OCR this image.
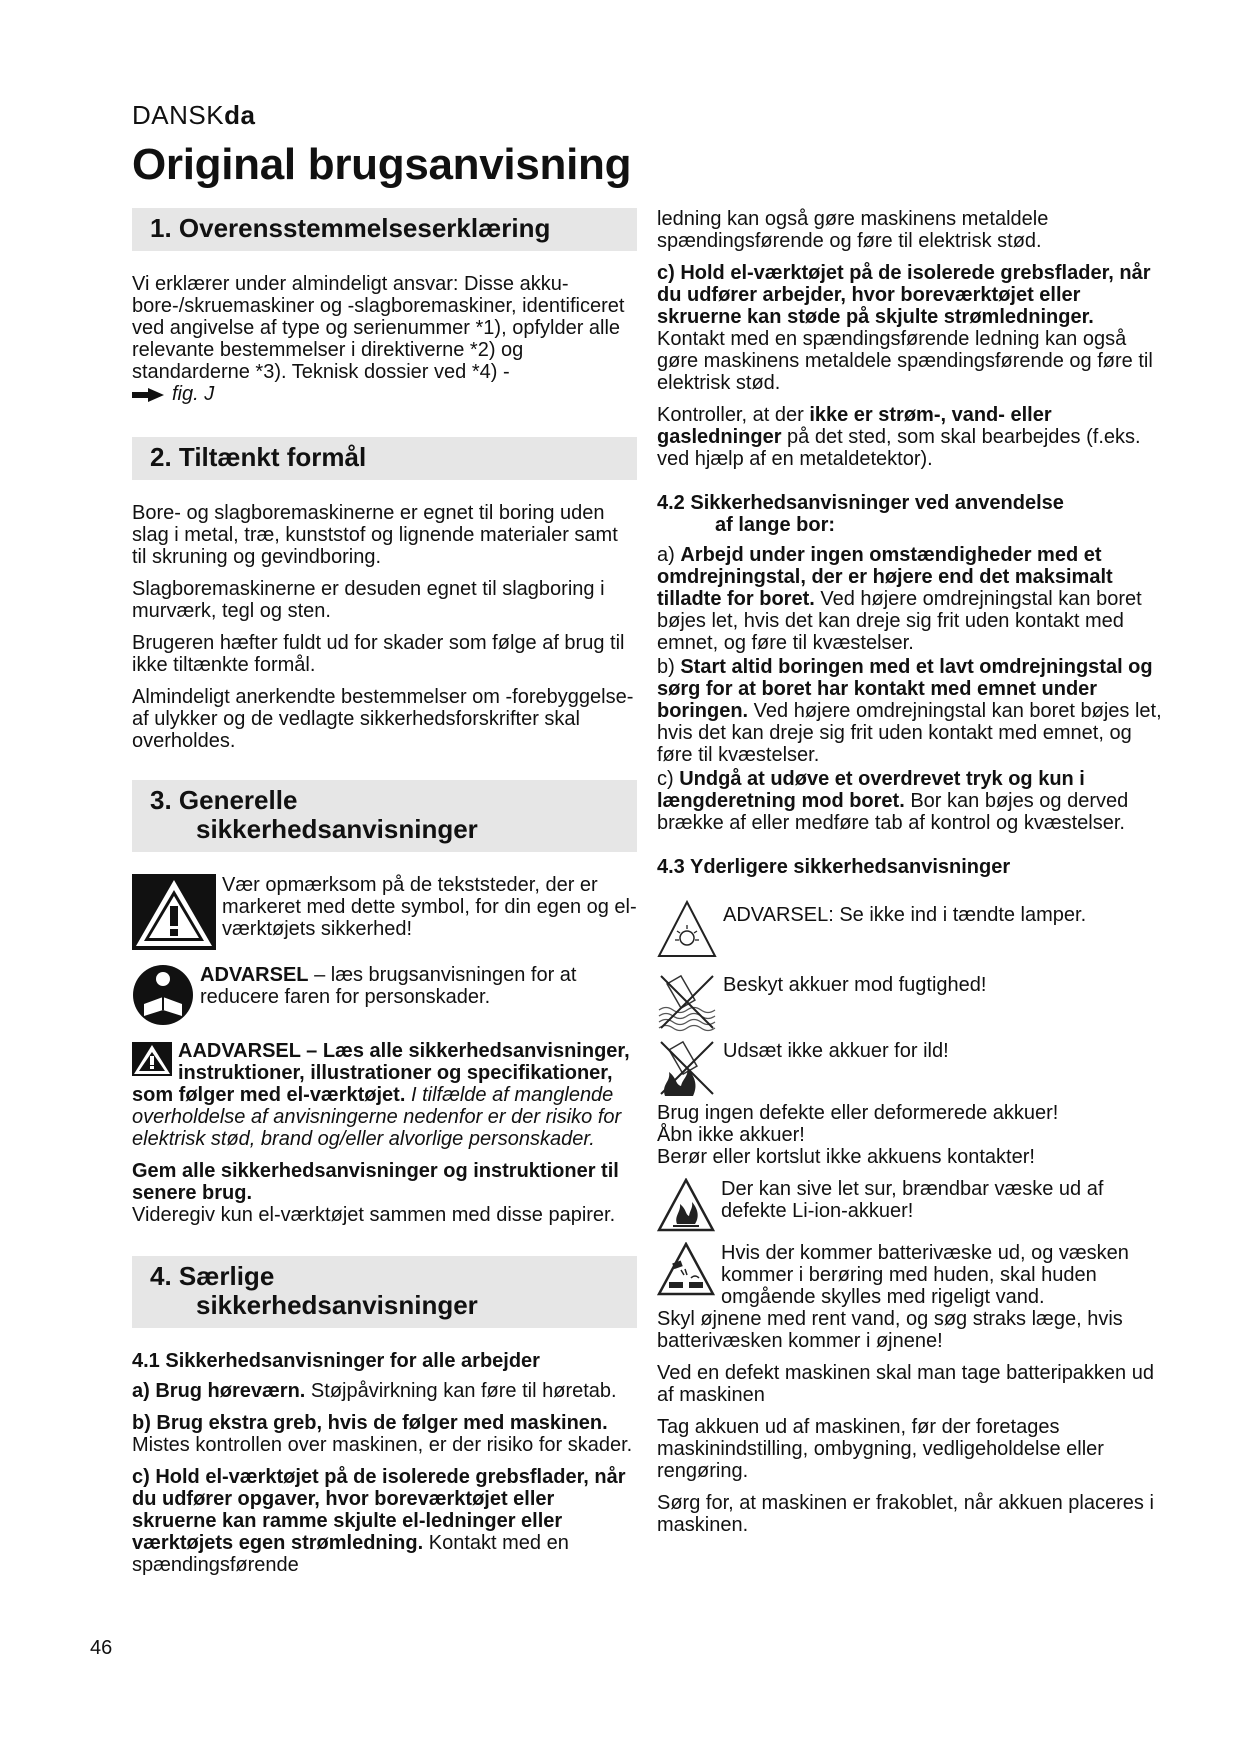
DANSKda
Original brugsanvisning
1. Overensstemmelseserklæring

Vi erklærer under almindeligt ansvar: Disse akku-bore-/skruemaskiner og -slagboremaskiner, identificeret ved angivelse af type og serienummer *1), opfylder alle relevante bestemmelser i direktiverne *2) og standarderne *3). Teknisk dossier ved *4) -
fig. J

2. Tiltænkt formål

Bore- og slagboremaskinerne er egnet til boring uden slag i metal, træ, kunststof og lignende materialer samt til skruning og gevindboring.

Slagboremaskinerne er desuden egnet til slagboring i murværk, tegl og sten.

Brugeren hæfter fuldt ud for skader som følge af brug til ikke tiltænkte formål.

Almindeligt anerkendte bestemmelser om -forebyggelse- af ulykker og de vedlagte sikkerhedsforskrifter skal overholdes.

3. Generelle
sikkerhedsanvisninger
Vær opmærksom på de tekststeder, der er markeret med dette symbol, for din egen og el-værktøjets sikkerhed!
ADVARSEL – læs brugsanvisningen for at reducere faren for personskader.

AADVARSEL – Læs alle sikkerhedsanvisninger, instruktioner, illustrationer og specifikationer, som følger med el-værktøjet. I tilfælde af manglende overholdelse af anvisningerne nedenfor er der risiko for elektrisk stød, brand og/eller alvorlige personskader.

Gem alle sikkerhedsanvisninger og instruktioner til senere brug.
Videregiv kun el-værktøjet sammen med disse papirer.

4. Særlige
sikkerhedsanvisninger

4.1 Sikkerhedsanvisninger for alle arbejder

a) Brug høreværn. Støjpåvirkning kan føre til høretab.

b) Brug ekstra greb, hvis de følger med maskinen. Mistes kontrollen over maskinen, er der risiko for skader.

c) Hold el-værktøjet på de isolerede grebsflader, når du udfører opgaver, hvor boreværktøjet eller skruerne kan ramme skjulte el-ledninger eller værktøjets egen strømledning. Kontakt med en spændingsførende

ledning kan også gøre maskinens metaldele spændingsførende og føre til elektrisk stød.

c) Hold el-værktøjet på de isolerede grebsflader, når du udfører arbejder, hvor boreværktøjet eller skruerne kan støde på skjulte strømledninger. Kontakt med en spændingsførende ledning kan også gøre maskinens metaldele spændingsførende og føre til elektrisk stød.

Kontroller, at der ikke er strøm-, vand- eller gasledninger på det sted, som skal bearbejdes (f.eks. ved hjælp af en metaldetektor).

4.2 Sikkerhedsanvisninger ved anvendelse
af lange bor:

a) Arbejd under ingen omstændigheder med et omdrejningstal, der er højere end det maksimalt tilladte for boret. Ved højere omdrejningstal kan boret bøjes let, hvis det kan dreje sig frit uden kontakt med emnet, og føre til kvæstelser.

b) Start altid boringen med et lavt omdrejningstal og sørg for at boret har kontakt med emnet under boringen. Ved højere omdrejningstal kan boret bøjes let, hvis det kan dreje sig frit uden kontakt med emnet, og føre til kvæstelser.

c) Undgå at udøve et overdrevet tryk og kun i længderetning mod boret. Bor kan bøjes og derved brække af eller medføre tab af kontrol og kvæstelser.

4.3 Yderligere sikkerhedsanvisninger

ADVARSEL: Se ikke ind i tændte lamper.
Beskyt akkuer mod fugtighed!
Udsæt ikke akkuer for ild!

Brug ingen defekte eller deformerede akkuer!
Åbn ikke akkuer!
Berør eller kortslut ikke akkuens kontakter!

Der kan sive let sur, brændbar væske ud af defekte Li-ion-akkuer!
Hvis der kommer batterivæske ud, og væsken kommer i berøring med huden, skal huden omgående skylles med rigeligt vand.

Skyl øjnene med rent vand, og søg straks læge, hvis batterivæsken kommer i øjnene!

Ved en defekt maskinen skal man tage batteripakken ud af maskinen

Tag akkuen ud af maskinen, før der foretages maskinindstilling, ombygning, vedligeholdelse eller rengøring.

Sørg for, at maskinen er frakoblet, når akkuen placeres i maskinen.

46
